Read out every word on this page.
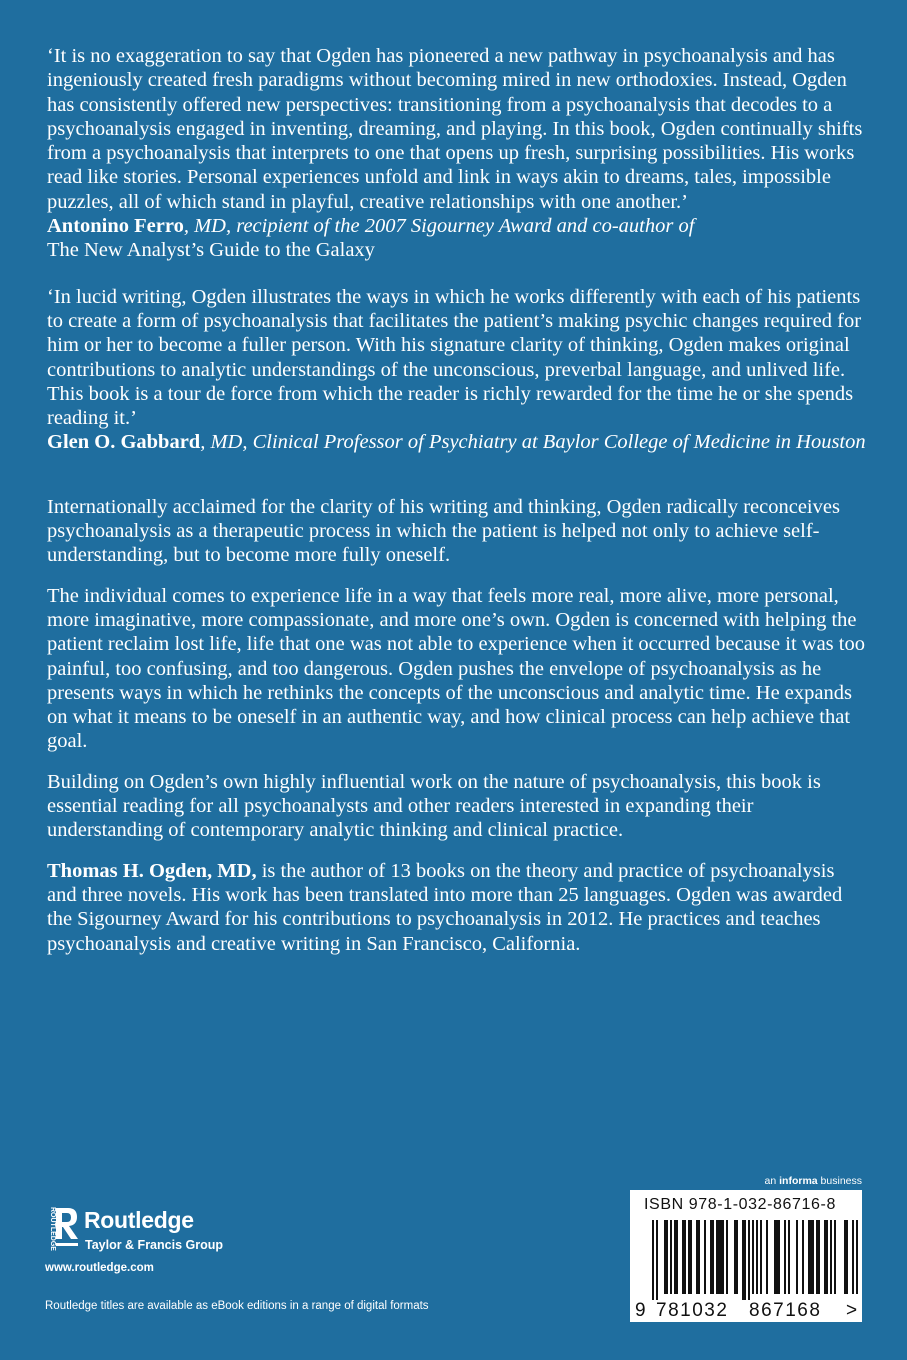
‘It is no exaggeration to say that Ogden has pioneered a new pathway in psychoanalysis and has ingeniously created fresh paradigms without becoming mired in new orthodoxies. Instead, Ogden has consistently offered new perspectives: transitioning from a psychoanalysis that decodes to a psychoanalysis engaged in inventing, dreaming, and playing. In this book, Ogden continually shifts from a psychoanalysis that interprets to one that opens up fresh, surprising possibilities. His works read like stories. Personal experiences unfold and link in ways akin to dreams, tales, impossible puzzles, all of which stand in playful, creative relationships with one another.’

Antonino Ferro, MD, recipient of the 2007 Sigourney Award and co-author of
The New Analyst’s Guide to the Galaxy

‘In lucid writing, Ogden illustrates the ways in which he works differently with each of his patients to create a form of psychoanalysis that facilitates the patient’s making psychic changes required for him or her to become a fuller person. With his signature clarity of thinking, Ogden makes original contributions to analytic understandings of the unconscious, preverbal language, and unlived life. This book is a tour de force from which the reader is richly rewarded for the time he or she spends reading it.’

Glen O. Gabbard, MD, Clinical Professor of Psychiatry at Baylor College of Medicine in Houston

Internationally acclaimed for the clarity of his writing and thinking, Ogden radically reconceives psychoanalysis as a therapeutic process in which the patient is helped not only to achieve self-understanding, but to become more fully oneself.

The individual comes to experience life in a way that feels more real, more alive, more personal, more imaginative, more compassionate, and more one’s own. Ogden is concerned with helping the patient reclaim lost life, life that one was not able to experience when it occurred because it was too painful, too confusing, and too dangerous. Ogden pushes the envelope of psychoanalysis as he presents ways in which he rethinks the concepts of the unconscious and analytic time. He expands on what it means to be oneself in an authentic way, and how clinical process can help achieve that goal.

Building on Ogden’s own highly influential work on the nature of psychoanalysis, this book is essential reading for all psychoanalysts and other readers interested in expanding their understanding of contemporary analytic thinking and clinical practice.

Thomas H. Ogden, MD, is the author of 13 books on the theory and practice of psychoanalysis and three novels. His work has been translated into more than 25 languages. Ogden was awarded the Sigourney Award for his contributions to psychoanalysis in 2012. He practices and teaches psychoanalysis and creative writing in San Francisco, California.

an informa business
ROUTLEDGE Routledge
Taylor & Francis Group
www.routledge.com
Routledge titles are available as eBook editions in a range of digital formats
ISBN 978-1-032-86716-8
9 781032 867168 >
